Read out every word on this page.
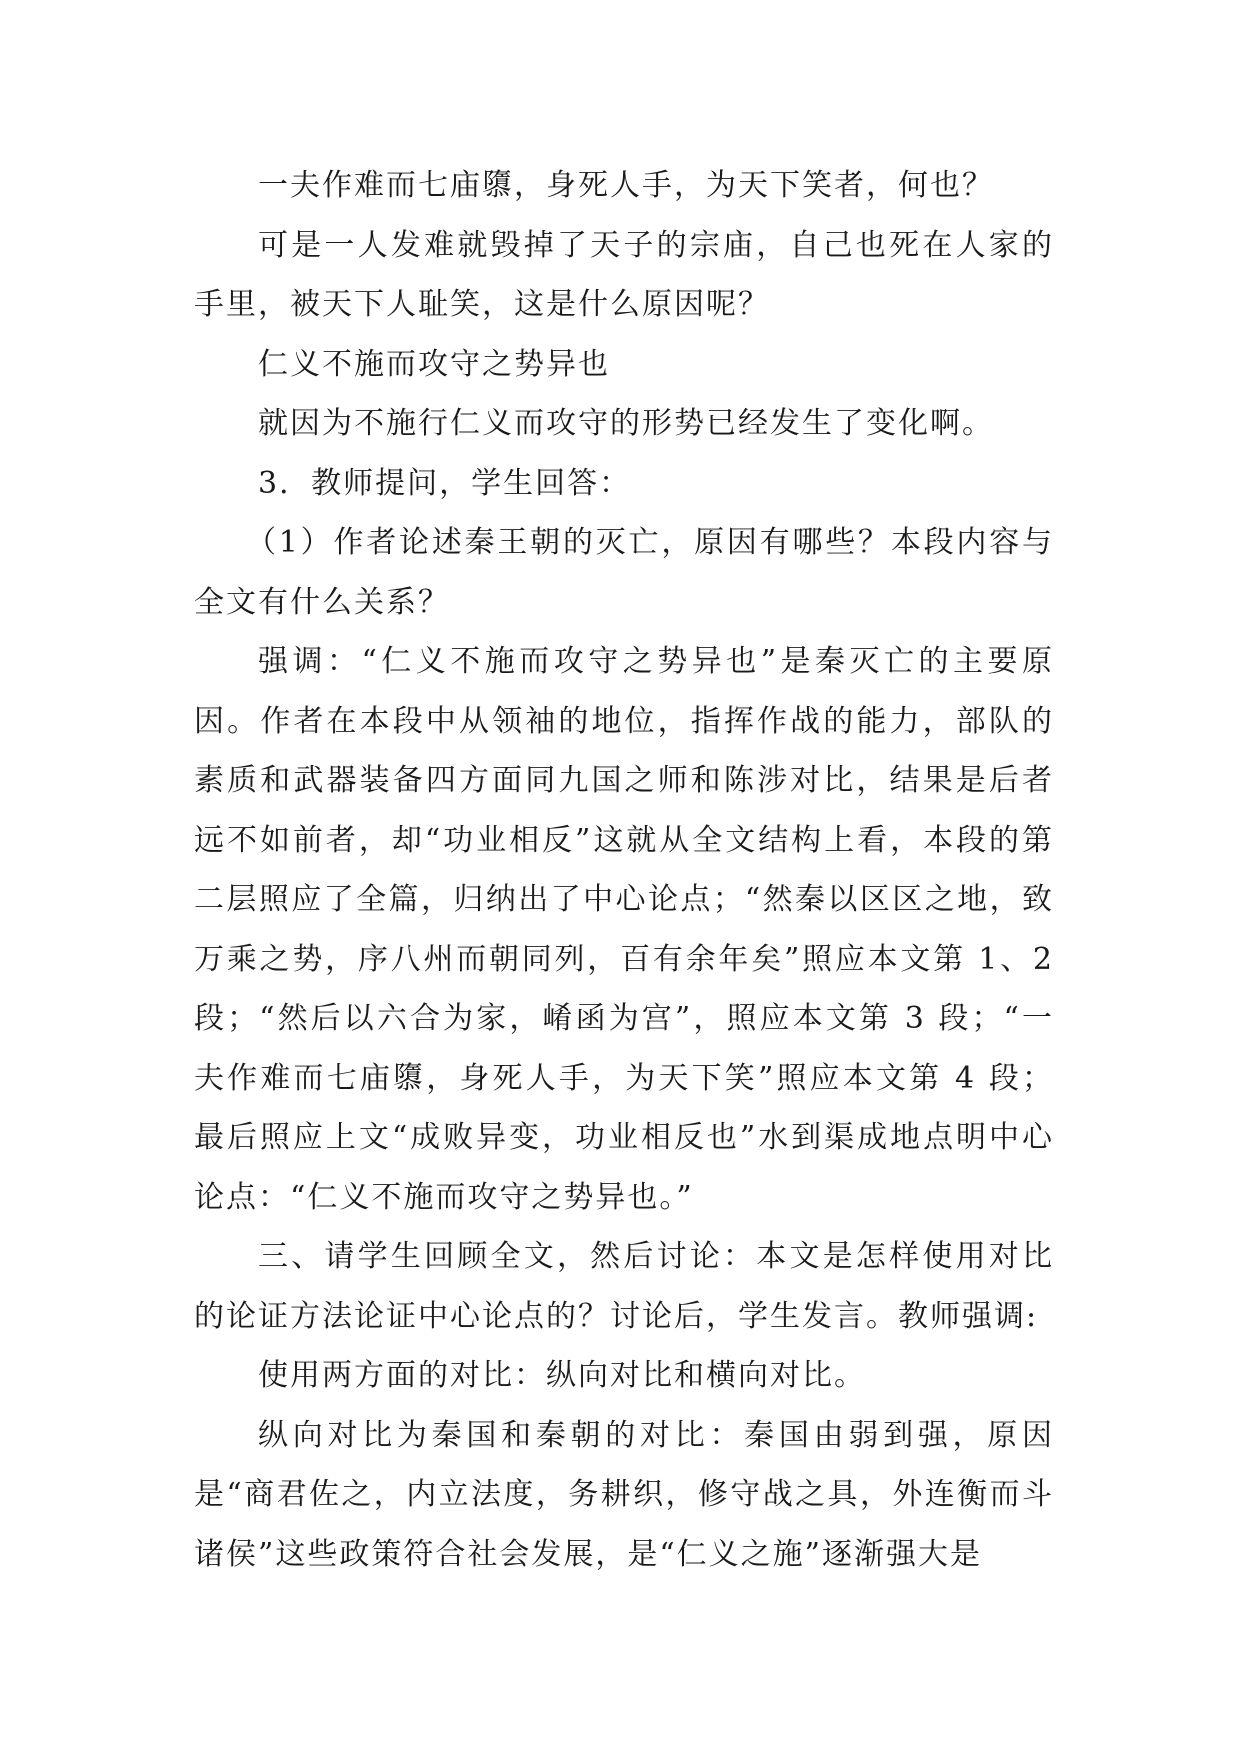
一夫作难而七庙隳，身死人手，为天下笑者，何也？

可是一人发难就毁掉了天子的宗庙，自己也死在人家的手里，被天下人耻笑，这是什么原因呢？

仁义不施而攻守之势异也

就因为不施行仁义而攻守的形势已经发生了变化啊。

3．教师提问，学生回答：

（1）作者论述秦王朝的灭亡，原因有哪些？本段内容与全文有什么关系？

强调：“仁义不施而攻守之势异也”是秦灭亡的主要原因。作者在本段中从领袖的地位，指挥作战的能力，部队的素质和武器装备四方面同九国之师和陈涉对比，结果是后者远不如前者，却“功业相反”这就从全文结构上看，本段的第二层照应了全篇，归纳出了中心论点；“然秦以区区之地，致万乘之势，序八州而朝同列，百有余年矣”照应本文第 1、2 段；“然后以六合为家，崤函为宫”，照应本文第 3 段；“一夫作难而七庙隳，身死人手，为天下笑”照应本文第 4 段；最后照应上文“成败异变，功业相反也”水到渠成地点明中心论点：“仁义不施而攻守之势异也。”

三、请学生回顾全文，然后讨论：本文是怎样使用对比的论证方法论证中心论点的？讨论后，学生发言。教师强调:

使用两方面的对比：纵向对比和横向对比。

纵向对比为秦国和秦朝的对比：秦国由弱到强，原因是“商君佐之，内立法度，务耕织，修守战之具，外连衡而斗诸侯”这些政策符合社会发展，是“仁义之施”逐渐强大是
